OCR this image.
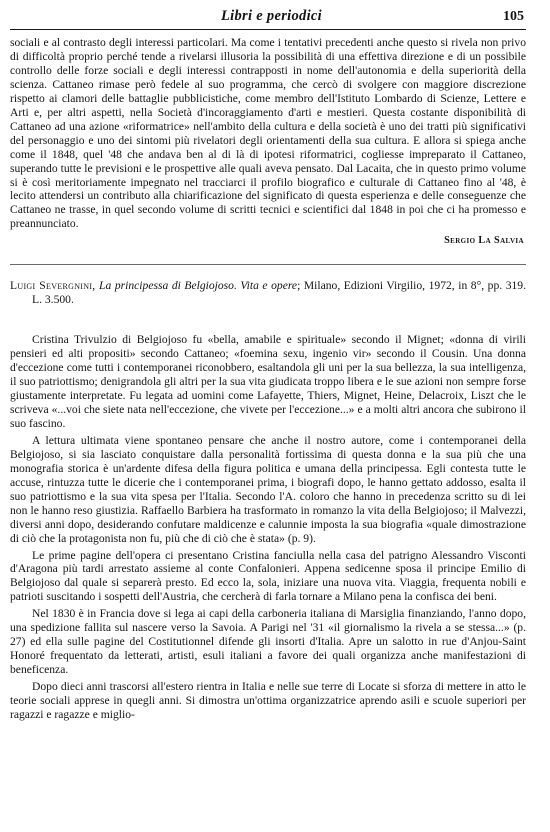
Libri e periodici	105

sociali e al contrasto degli interessi particolari. Ma come i tentativi precedenti anche questo si rivela non privo di difficoltà proprio perché tende a rivelarsi illusoria la possibilità di una effettiva direzione e di un possibile controllo delle forze sociali e degli interessi contrapposti in nome dell'autonomia e della superiorità della scienza. Cattaneo rimase però fedele al suo programma, che cercò di svolgere con maggiore discrezione rispetto ai clamori delle battaglie pubblicistiche, come membro dell'Istituto Lombardo di Scienze, Lettere e Arti e, per altri aspetti, nella Società d'incoraggiamento d'arti e mestieri. Questa costante disponibilità di Cattaneo ad una azione «riformatrice» nell'ambito della cultura e della società è uno dei tratti più significativi del personaggio e uno dei sintomi più rivelatori degli orientamenti della sua cultura. E allora si spiega anche come il 1848, quel '48 che andava ben al di là di ipotesi riformatrici, cogliesse impreparato il Cattaneo, superando tutte le previsioni e le prospettive alle quali aveva pensato. Dal Lacaita, che in questo primo volume si è così meritoriamente impegnato nel tracciarci il profilo biografico e culturale di Cattaneo fino al '48, è lecito attendersi un contributo alla chiarificazione del significato di questa esperienza e delle conseguenze che Cattaneo ne trasse, in quel secondo volume di scritti tecnici e scientifici dal 1848 in poi che ci ha promesso e preannunciato.

Sergio La Salvia
Luigi Severgnini, La principessa di Belgiojoso. Vita e opere; Milano, Edizioni Virgilio, 1972, in 8°, pp. 319. L. 3.500.

Cristina Trivulzio di Belgiojoso fu «bella, amabile e spirituale» secondo il Mignet; «donna di virili pensieri ed alti propositi» secondo Cattaneo; «foemina sexu, ingenio vir» secondo il Cousin. Una donna d'eccezione come tutti i contemporanei riconobbero, esaltandola gli uni per la sua bellezza, la sua intelligenza, il suo patriottismo; denigrandola gli altri per la sua vita giudicata troppo libera e le sue azioni non sempre forse giustamente interpretate. Fu legata ad uomini come Lafayette, Thiers, Mignet, Heine, Delacroix, Liszt che le scriveva «...voi che siete nata nell'eccezione, che vivete per l'eccezione...» e a molti altri ancora che subirono il suo fascino.

A lettura ultimata viene spontaneo pensare che anche il nostro autore, come i contemporanei della Belgiojoso, si sia lasciato conquistare dalla personalità fortissima di questa donna e la sua più che una monografia storica è un'ardente difesa della figura politica e umana della principessa. Egli contesta tutte le accuse, rintuzza tutte le dicerie che i contemporanei prima, i biografi dopo, le hanno gettato addosso, esalta il suo patriottismo e la sua vita spesa per l'Italia. Secondo l'A. coloro che hanno in precedenza scritto su di lei non le hanno reso giustizia. Raffaello Barbiera ha trasformato in romanzo la vita della Belgiojoso; il Malvezzi, diversi anni dopo, desiderando confutare maldicenze e calunnie imposta la sua biografia «quale dimostrazione di ciò che la protagonista non fu, più che di ciò che è stata» (p. 9).

Le prime pagine dell'opera ci presentano Cristina fanciulla nella casa del patrigno Alessandro Visconti d'Aragona più tardi arrestato assieme al conte Confalonieri. Appena sedicenne sposa il principe Emilio di Belgiojoso dal quale si separerà presto. Ed ecco la, sola, iniziare una nuova vita. Viaggia, frequenta nobili e patrioti suscitando i sospetti dell'Austria, che cercherà di farla tornare a Milano pena la confisca dei beni.

Nel 1830 è in Francia dove si lega ai capi della carboneria italiana di Marsiglia finanziando, l'anno dopo, una spedizione fallita sul nascere verso la Savoia. A Parigi nel '31 «il giornalismo la rivela a se stessa...» (p. 27) ed ella sulle pagine del Costitutionnel difende gli insorti d'Italia. Apre un salotto in rue d'Anjou-Saint Honoré frequentato da letterati, artisti, esuli italiani a favore dei quali organizza anche manifestazioni di beneficenza.

Dopo dieci anni trascorsi all'estero rientra in Italia e nelle sue terre di Locate si sforza di mettere in atto le teorie sociali apprese in quegli anni. Si dimostra un'ottima organizzatrice aprendo asili e scuole superiori per ragazzi e ragazze e miglio-
